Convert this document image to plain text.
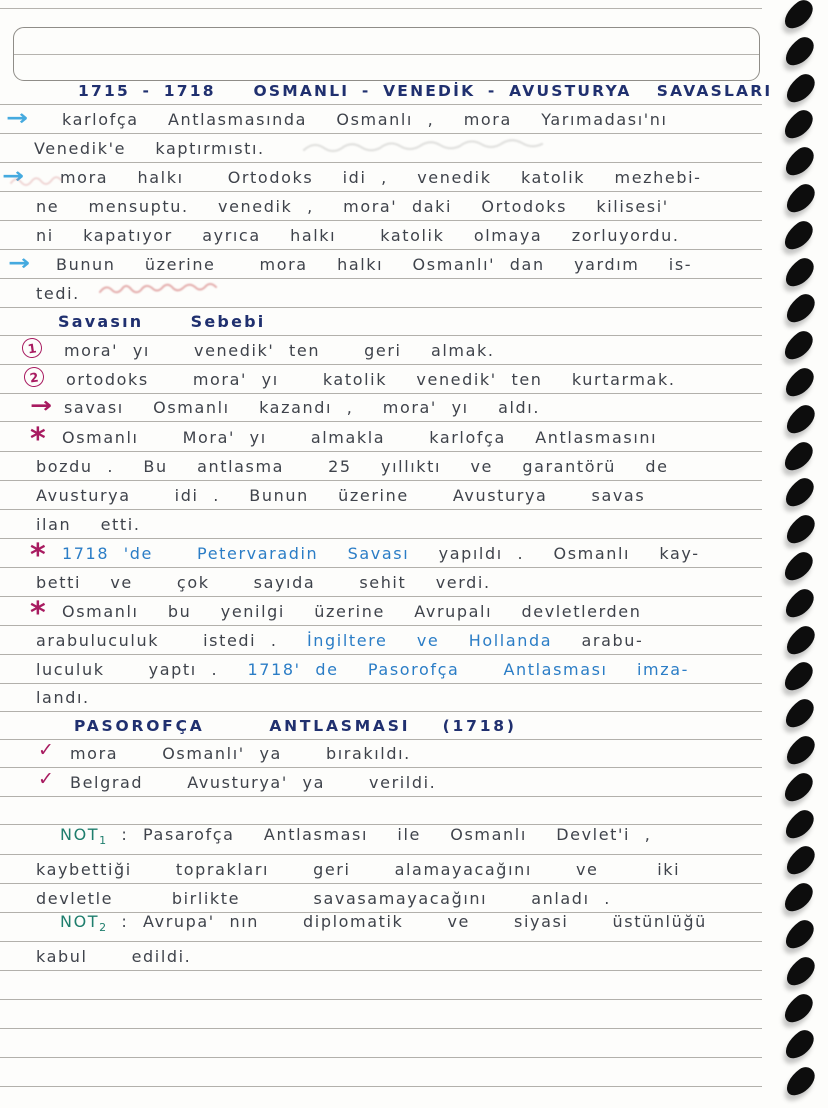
1715 - 1718   OSMANLI - VENEDİK - AVUSTURYA  SAVASLARI
→	karlofça  Antlasmasında  Osmanlı ,  mora  Yarımadası'nı
Venedik'e  kaptırmıstı.
→	mora  halkı   Ortodoks  idi ,  venedik  katolik  mezhebi-
ne  mensuptu.  venedik ,  mora' daki  Ortodoks  kilisesi'
ni  kapatıyor  ayrıca  halkı   katolik  olmaya  zorluyordu.
→	Bunun  üzerine   mora  halkı  Osmanlı' dan  yardım  is-
tedi.
Savasın   Sebebi
1	mora' yı   venedik' ten   geri  almak.
2	ortodoks   mora' yı   katolik  venedik' ten  kurtarmak.
→ savası  Osmanlı  kazandı ,  mora' yı  aldı.
*	Osmanlı   Mora' yı   almakla   karlofça  Antlasmasını
bozdu .  Bu  antlasma   25  yıllıktı  ve  garantörü  de
Avusturya   idi .  Bunun  üzerine   Avusturya   savas
ilan  etti.
*	1718 'de   Petervaradin  Savası  yapıldı .  Osmanlı  kay-
betti  ve   çok   sayıda   sehit  verdi.
*	Osmanlı  bu  yenilgi  üzerine  Avrupalı  devletlerden
arabuluculuk   istedi .  İngiltere  ve  Hollanda  arabu-
luculuk   yaptı .  1718' de  Pasorofça   Antlasması  imza-
landı.
PASOROFÇA    ANTLASMASI  (1718)
✓	mora   Osmanlı' ya   bırakıldı.
✓	Belgrad   Avusturya' ya   verildi.
$NOT_1$ : Pasarofça  Antlasması  ile  Osmanlı  Devlet'i ,
kaybettiği   toprakları   geri   alamayacağını   ve    iki
devletle    birlikte     savasamayacağını   anladı .
$NOT_2$ : Avrupa' nın   diplomatik   ve   siyasi   üstünlüğü
kabul   edildi.
